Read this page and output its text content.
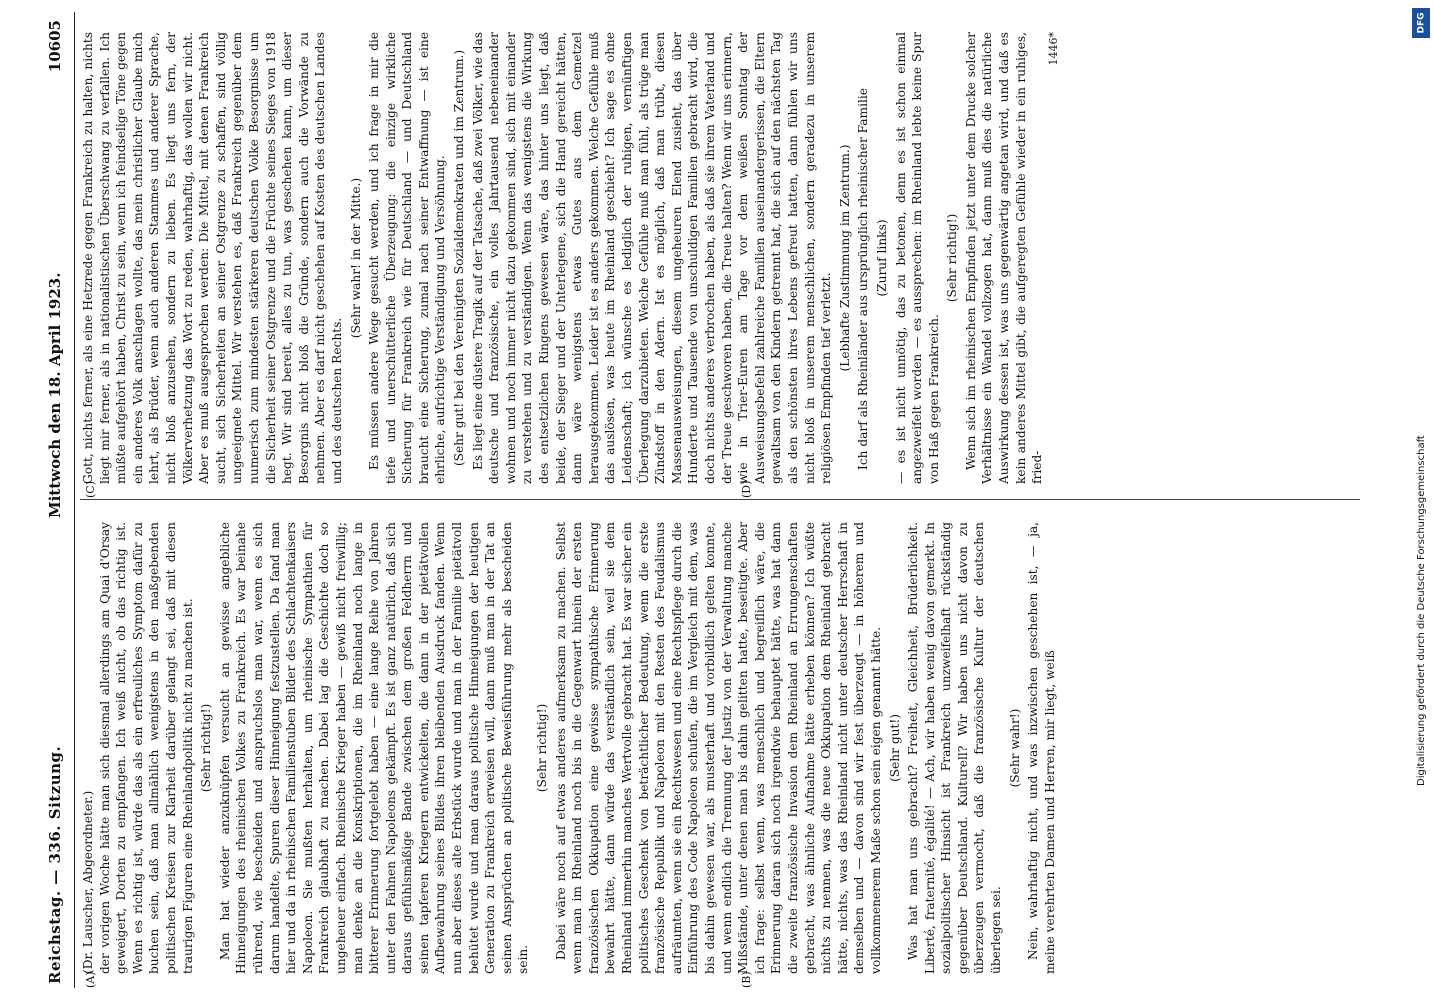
Reichstag. — 336. Sitzung.
Mittwoch den 18. April 1923.
10605
(A)	(B)
(C)	(D)

(Dr. Lauscher, Abgeordneter.) der vorigen Woche hätte man sich diesmal allerdings am Quai d'Orsay geweigert, Dorten zu empfangen. Ich weiß nicht, ob das richtig ist. Wenn es richtig ist, würde das als ein erfreuliches Symptom dafür zu buchen sein, daß man allmählich wenigstens in den maßgebenden politischen Kreisen zur Klarheit darüber gelangt sei, daß mit diesen traurigen Figuren eine Rheinlandpolitik nicht zu machen ist. (Sehr richtig!) Man hat wieder anzuknüpfen versucht an gewisse angebliche Hinneigungen des rheinischen Volkes zu Frankreich. Es war beinahe rührend, wie bescheiden und anspruchslos man war, wenn es sich darum handelte, Spuren dieser Hinneigung festzustellen. Da fand man hier und da in rheinischen Familienstuben Bilder des Schlachtenkaisers Napoleon. Sie mußten herhalten, um rheinische Sympathien für Frankreich glaubhaft zu machen. Dabei lag die Geschichte doch so ungeheuer einfach. Rheinische Krieger haben — gewiß nicht freiwillig; man denke an die Konskriptionen, die im Rheinland noch lange in bitterer Erinnerung fortgelebt haben — eine lange Reihe von Jahren unter den Fahnen Napoleons gekämpft. Es ist ganz natürlich, daß sich daraus gefühlsmäßige Bande zwischen dem großen Feldherrn und seinen tapferen Kriegern entwickelten, die dann in der pietätvollen Aufbewahrung seines Bildes ihren bleibenden Ausdruck fanden. Wenn nun aber dieses alte Erbstück wurde und man in der Familie pietätvoll behütet wurde und man daraus politische Hinneigungen der heutigen Generation zu Frankreich erweisen will, dann muß man in der Tat an seinen Ansprüchen an politische Beweisführung mehr als bescheiden sein.

(Sehr richtig!) Dabei wäre noch auf etwas anderes aufmerksam zu machen. Selbst wenn man im Rheinland noch bis in die Gegenwart hinein der ersten französischen Okkupation eine gewisse sympathische Erinnerung bewahrt hätte, dann würde das verständlich sein, weil sie dem Rheinland immerhin manches Wertvolle gebracht hat. Es war sicher ein politisches Geschenk von beträchtlicher Bedeutung, wenn die erste französische Republik und Napoleon mit den Resten des Feudalismus aufräumten, wenn sie ein Rechtswesen und eine Rechtspflege durch die Einführung des Code Napoleon schufen, die im Vergleich mit dem, was bis dahin gewesen war, als musterhaft und vorbildlich gelten konnte, und wenn endlich die Trennung der Justiz von der Verwaltung manche Mißstände, unter denen man bis dahin gelitten hatte, beseitigte. Aber ich frage: selbst wenn, was menschlich und begreiflich wäre, die Erinnerung daran sich noch irgendwie behauptet hätte, was hat dann die zweite französische Invasion dem Rheinland an Errungenschaften gebracht, was ähnliche Aufnahme hätte erheben können? Ich wüßte nichts zu nennen, was die neue Okkupation dem Rheinland gebracht hätte, nichts, was das Rheinland nicht unter deutscher Herrschaft in demselben und — davon sind wir fest überzeugt — in höherem und vollkommenerem Maße schon sein eigen genannt hätte. (Sehr gut!) Was hat man uns gebracht? Freiheit, Gleichheit, Brüderlichkeit. Liberté, fraternité, égalité! — Ach, wir haben wenig davon gemerkt. In sozialpolitischer Hinsicht ist Frankreich unzweifelhaft rückständig gegenüber Deutschland. Kulturell? Wir haben uns nicht davon zu überzeugen vermocht, daß die französische Kultur der deutschen überlegen sei.

(Sehr wahr!) Nein, wahrhaftig nicht, und was inzwischen geschehen ist, — ja, meine verehrten Damen und Herren, mir liegt, weiß

Gott, nichts ferner, als eine Hetzrede gegen Frankreich zu halten, nichts liegt mir ferner, als in nationalistischen Überschwang zu verfallen. Ich müßte aufgehört haben, Christ zu sein, wenn ich feindselige Töne gegen ein anderes Volk anschlagen wollte, das mein christlicher Glaube mich lehrt, als Brüder, wenn auch anderen Stammes und anderer Sprache, nicht bloß anzusehen, sondern zu lieben. Es liegt uns fern, der Völkerverhetzung das Wort zu reden, wahrhaftig, das wollen wir nicht. Aber es muß ausgesprochen werden: Die Mittel, mit denen Frankreich sucht, sich Sicherheiten an seiner Ostgrenze zu schaffen, sind völlig ungeeignete Mittel. Wir verstehen es, daß Frankreich gegenüber dem numerisch zum mindesten stärkeren deutschen Volke Besorgnisse um die Sicherheit seiner Ostgrenze und die Früchte seines Sieges von 1918 hegt. Wir sind bereit, alles zu tun, was geschehen kann, um dieser Besorgnis nicht bloß die Gründe, sondern auch die Vorwände zu nehmen. Aber es darf nicht geschehen auf Kosten des deutschen Landes und des deutschen Rechts.

(Sehr wahr! in der Mitte.) Es müssen andere Wege gesucht werden, und ich frage in mir die tiefe und unerschütterliche Überzeugung: die einzige wirkliche Sicherung für Frankreich wie für Deutschland — und Deutschland braucht eine Sicherung, zumal nach seiner Entwaffnung — ist eine ehrliche, aufrichtige Verständigung und Versöhnung. (Sehr gut! bei den Vereinigten Sozialdemokraten und im Zentrum.) Es liegt eine düstere Tragik auf der Tatsache, daß zwei Völker, wie das deutsche und französische, ein volles Jahrtausend nebeneinander wohnen und noch immer nicht dazu gekommen sind, sich mit einander zu verstehen und zu verständigen. Wenn das wenigstens die Wirkung des entsetzlichen Ringens gewesen wäre, das hinter uns liegt, daß beide, der Sieger und der Unterlegene, sich die Hand gereicht hätten, dann wäre wenigstens etwas Gutes aus dem Gemetzel herausgekommen. Leider ist es anders gekommen. Welche Gefühle muß das auslösen, was heute im Rheinland geschieht? Ich sage es ohne Leidenschaft; ich wünsche es lediglich der ruhigen, vernünftigen Überlegung darzubieten. Welche Gefühle muß man fühl, als trüge man Zündstoff in den Adern. Ist es möglich, daß man trübt, diesen Massenausweisungen, diesem ungeheuren Elend zusieht, das über Hunderte und Tausende von unschuldigen Familien gebracht wird, die doch nichts anderes verbrochen haben, als daß sie ihrem Vaterland und der Treue geschworen haben, die Treue halten? Wenn wir uns erinnern, wie in Trier-Euren am Tage vor dem weißen Sonntag der Ausweisungsbefehl zahlreiche Familien auseinandergerissen, die Eltern gewaltsam von den Kindern getrennt hat, die sich auf den nächsten Tag als den schönsten ihres Lebens gefreut hatten, dann fühlen wir uns nicht bloß in unserem menschlichen, sondern geradezu in unserem religiösen Empfinden tief verletzt.

(Lebhafte Zustimmung im Zentrum.) Ich darf als Rheinländer aus ursprünglich rheinischer Familie (Zuruf links) — es ist nicht unnötig, das zu betonen, denn es ist schon einmal angezweifelt worden — es aussprechen: im Rheinland lebte keine Spur von Haß gegen Frankreich.

(Sehr richtig!) Wenn sich im rheinischen Empfinden jetzt unter dem Drucke solcher Verhältnisse ein Wandel vollzogen hat, dann muß dies die natürliche Auswirkung dessen ist, was uns gegenwärtig angetan wird, und daß es kein anderes Mittel gibt, die aufgeregten Gefühle wieder in ein ruhiges, fried-

1446*

DFG
Digitalisierung gefördert durch die Deutsche Forschungsgemeinschaft
